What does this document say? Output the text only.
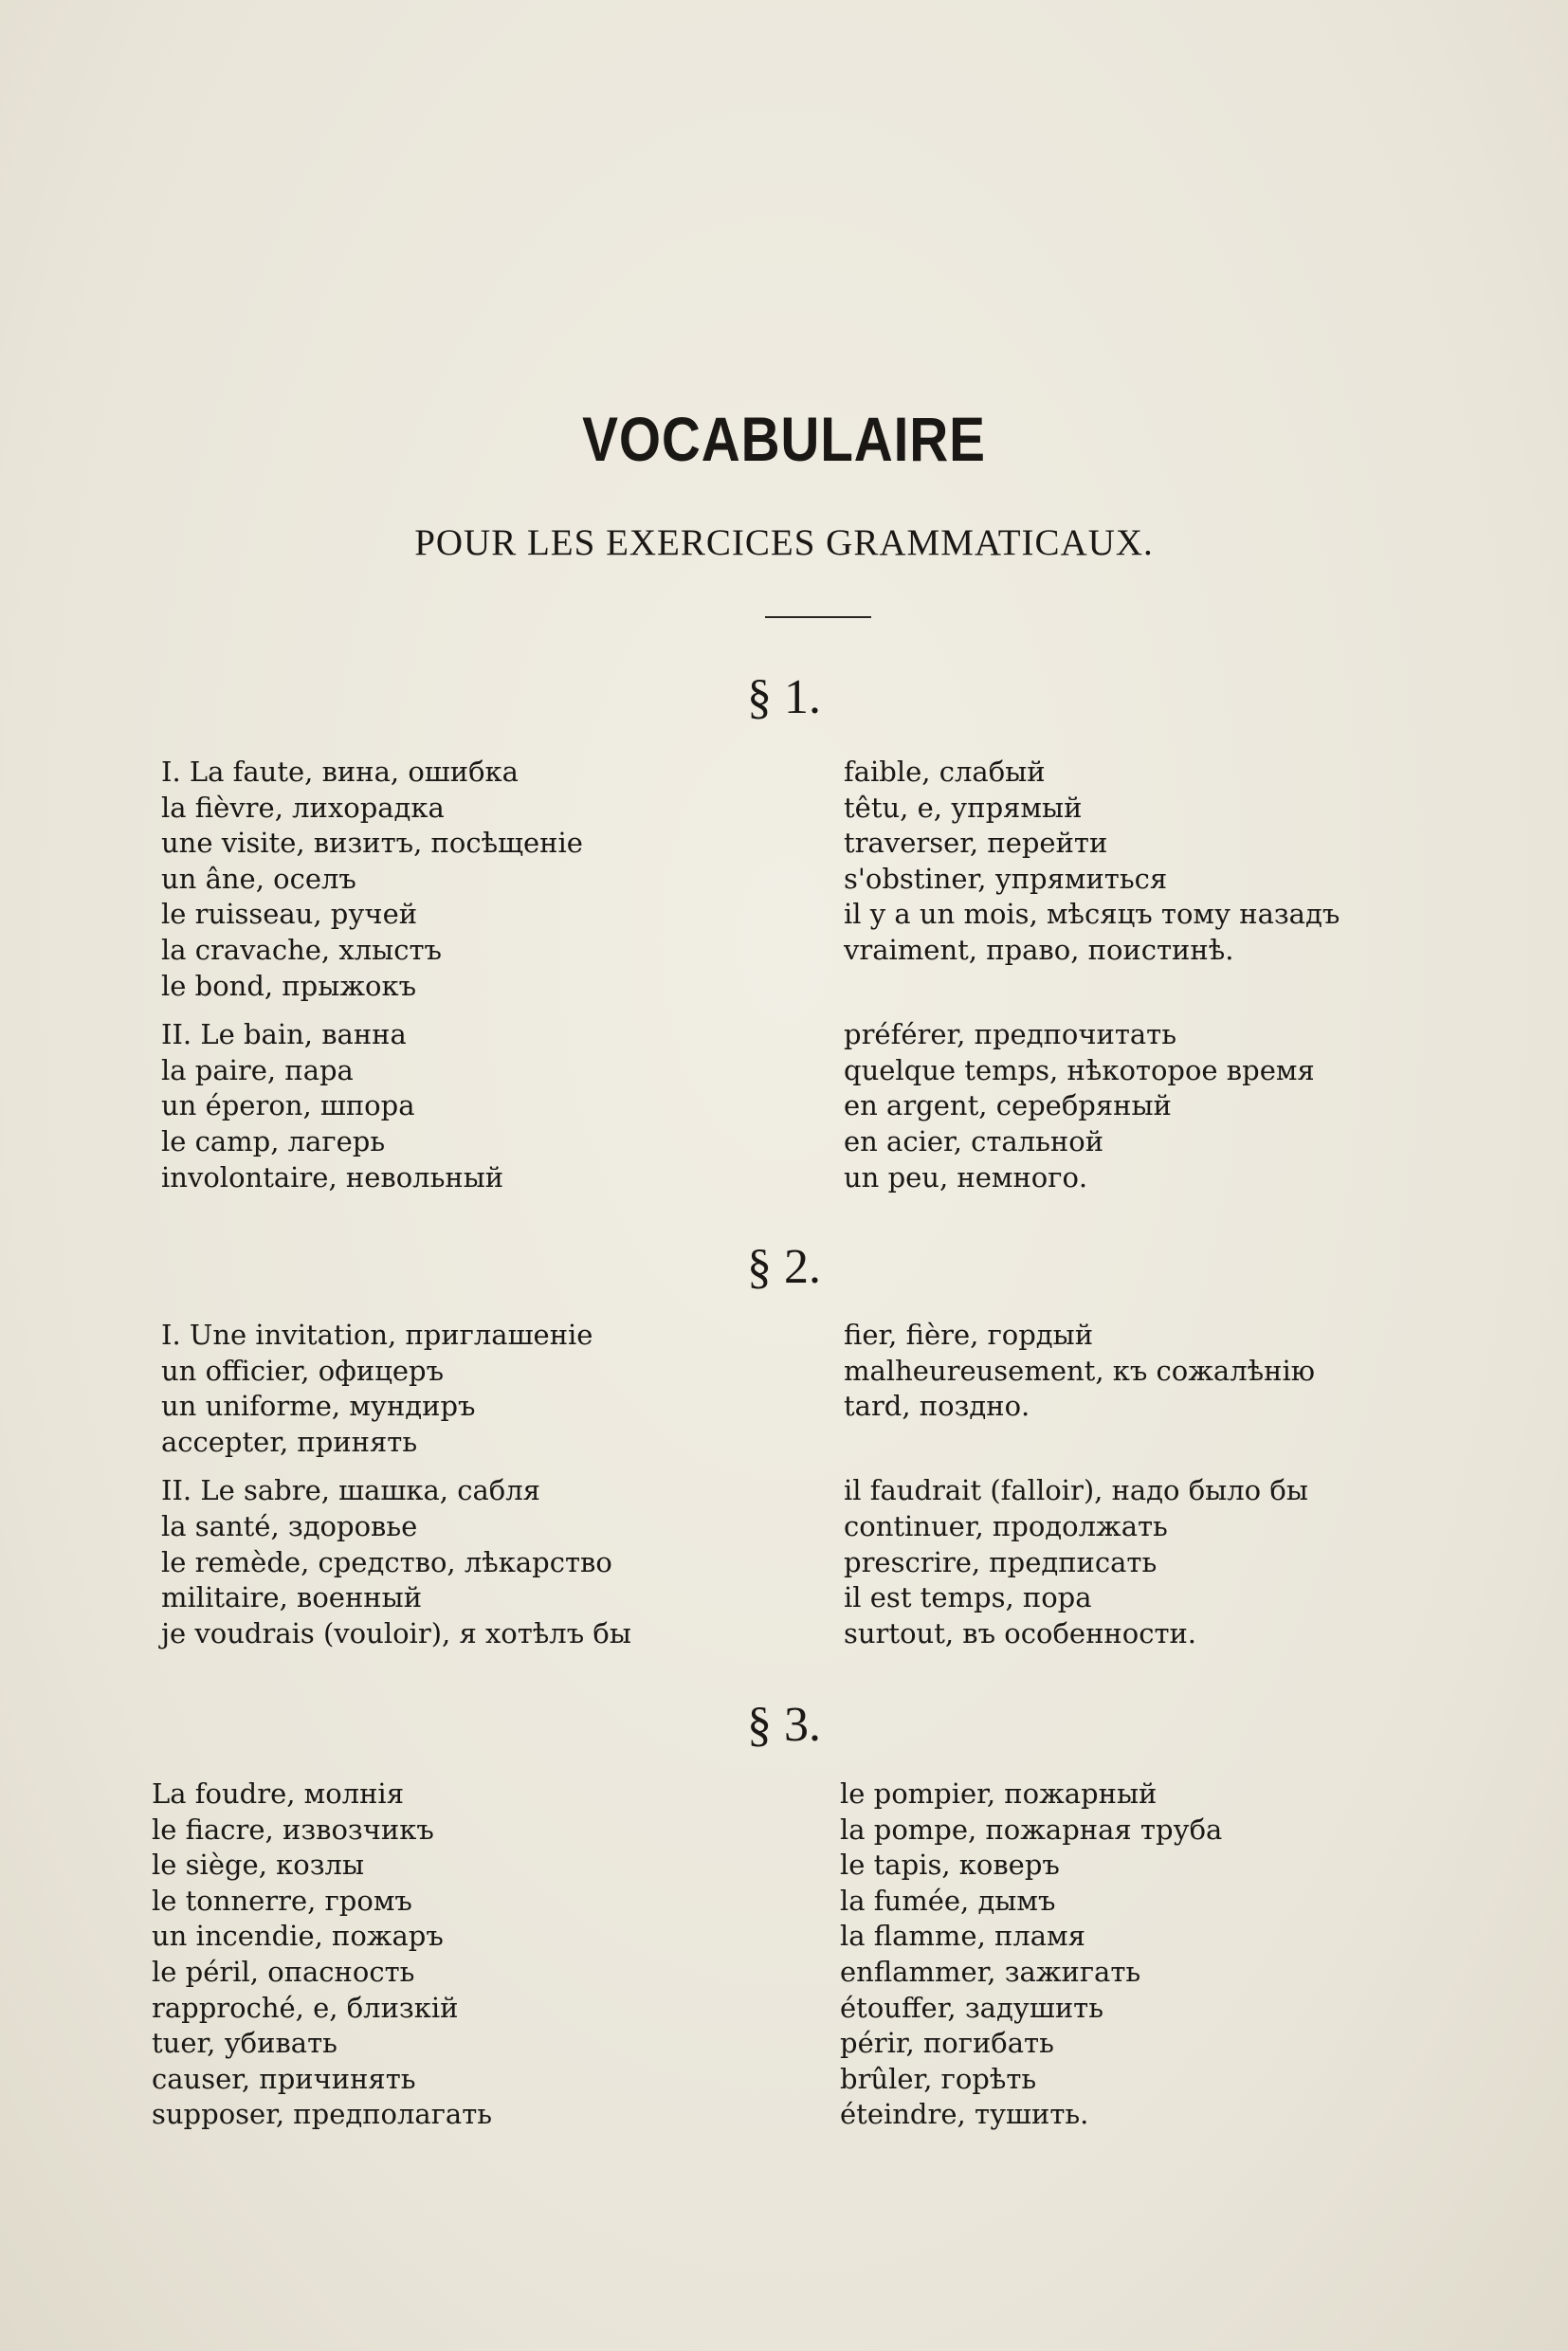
VOCABULAIRE
POUR LES EXERCICES GRAMMATICAUX.
§ 1.
I. La faute, вина, ошибка
la fièvre, лихорадка
une visite, визитъ, посѣщеніе
un âne, оселъ
le ruisseau, ручей
la cravache, хлыстъ
le bond, прыжокъ
II. Le bain, ванна
la paire, пара
un éperon, шпора
le camp, лагерь
involontaire, невольный
faible, слабый
têtu, e, упрямый
traverser, перейти
s'obstiner, упрямиться
il y a un mois, мѣсяцъ тому назадъ
vraiment, право, поистинѣ.

préférer, предпочитать
quelque temps, нѣкоторое время
en argent, серебряный
en acier, стальной
un peu, немного.
§ 2.
I. Une invitation, приглашеніе
un officier, офицеръ
un uniforme, мундиръ
accepter, принять
II. Le sabre, шашка, сабля
la santé, здоровье
le remède, средство, лѣкарство
militaire, военный
je voudrais (vouloir), я хотѣлъ бы
fier, fière, гордый
malheureusement, къ сожалѣнію
tard, поздно.

il faudrait (falloir), надо было бы
continuer, продолжать
prescrire, предписать
il est temps, пора
surtout, въ особенности.
§ 3.
La foudre, молнія
le fiacre, извозчикъ
le siège, козлы
le tonnerre, громъ
un incendie, пожаръ
le péril, опасность
rapproché, e, близкій
tuer, убивать
causer, причинять
supposer, предполагать
le pompier, пожарный
la pompe, пожарная труба
le tapis, коверъ
la fumée, дымъ
la flamme, пламя
enflammer, зажигать
étouffer, задушить
périr, погибать
brûler, горѣть
éteindre, тушить.
